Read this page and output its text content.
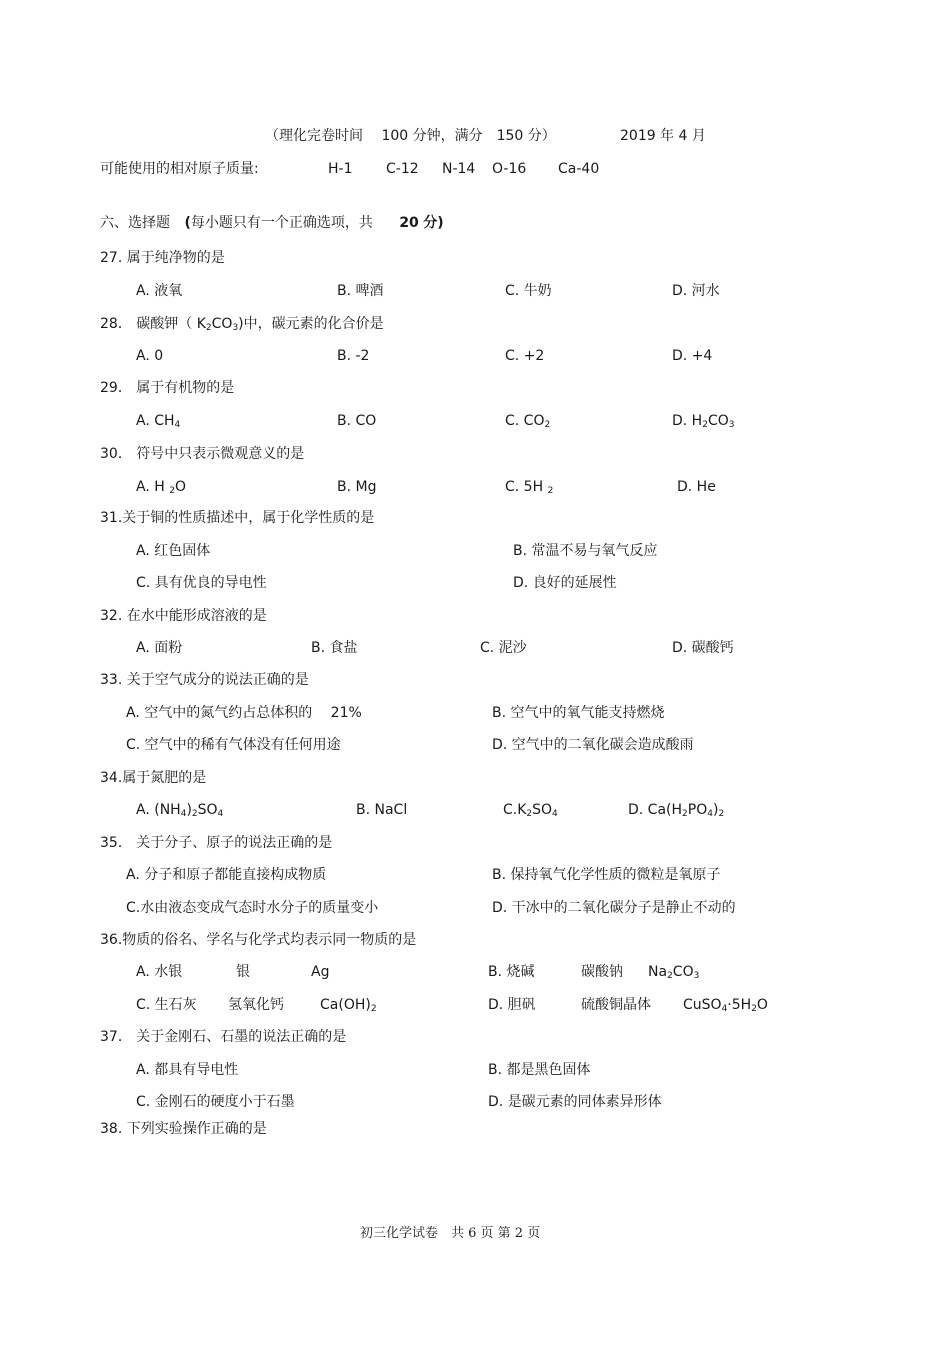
（理化完卷时间　 100 分钟，满分　150 分）	2019 年 4 月
可能使用的相对原子质量:	H-1 C-12 N-14 O-16 Ca-40
六、选择题 (每小题只有一个正确选项，共 20 分)
27. 属于纯净物的是
A. 液氧	B. 啤酒	C. 牛奶	D. 河水
28． 碳酸钾（ $K_2CO_3$)中，碳元素的化合价是
A. 0	B. -2	C. +2	D. +4
29． 属于有机物的是
A. $CH_4$	B. CO	C. $CO_2$	D. $H_2CO_3$
30． 符号中只表示微观意义的是
A. H $_2$O	B. Mg	C. 5H $_2$	D. He
31.关于铜的性质描述中，属于化学性质的是
A. 红色固体	B. 常温不易与氧气反应
C. 具有优良的导电性	D. 良好的延展性
32. 在水中能形成溶液的是
A. 面粉	B. 食盐	C. 泥沙	D. 碳酸钙
33. 关于空气成分的说法正确的是
A. 空气中的氮气约占总体积的　 21%	B. 空气中的氧气能支持燃烧
C. 空气中的稀有气体没有任何用途	D. 空气中的二氧化碳会造成酸雨
34.属于氮肥的是
A. $(NH_4)_2SO_4$	B. NaCl	$C.K_2SO_4$	D. $Ca(H_2PO_4)_2$
35． 关于分子、原子的说法正确的是
A. 分子和原子都能直接构成物质	B. 保持氧气化学性质的微粒是氧原子
C.水由液态变成气态时水分子的质量变小	D. 干冰中的二氧化碳分子是静止不动的
36.物质的俗名、学名与化学式均表示同一物质的是
A. 水银	银	Ag	B. 烧碱	碳酸钠 $Na_2CO_3$
C. 生石灰 氢氧化钙	$Ca(OH)_2$	D. 胆矾	硫酸铜晶体 $CuSO_4\cdot 5H_2O$
37． 关于金刚石、石墨的说法正确的是
A. 都具有导电性	B. 都是黑色固体
C. 金刚石的硬度小于石墨	D. 是碳元素的同体素异形体
38. 下列实验操作正确的是
初三化学试卷　共 6 页 第 2 页
